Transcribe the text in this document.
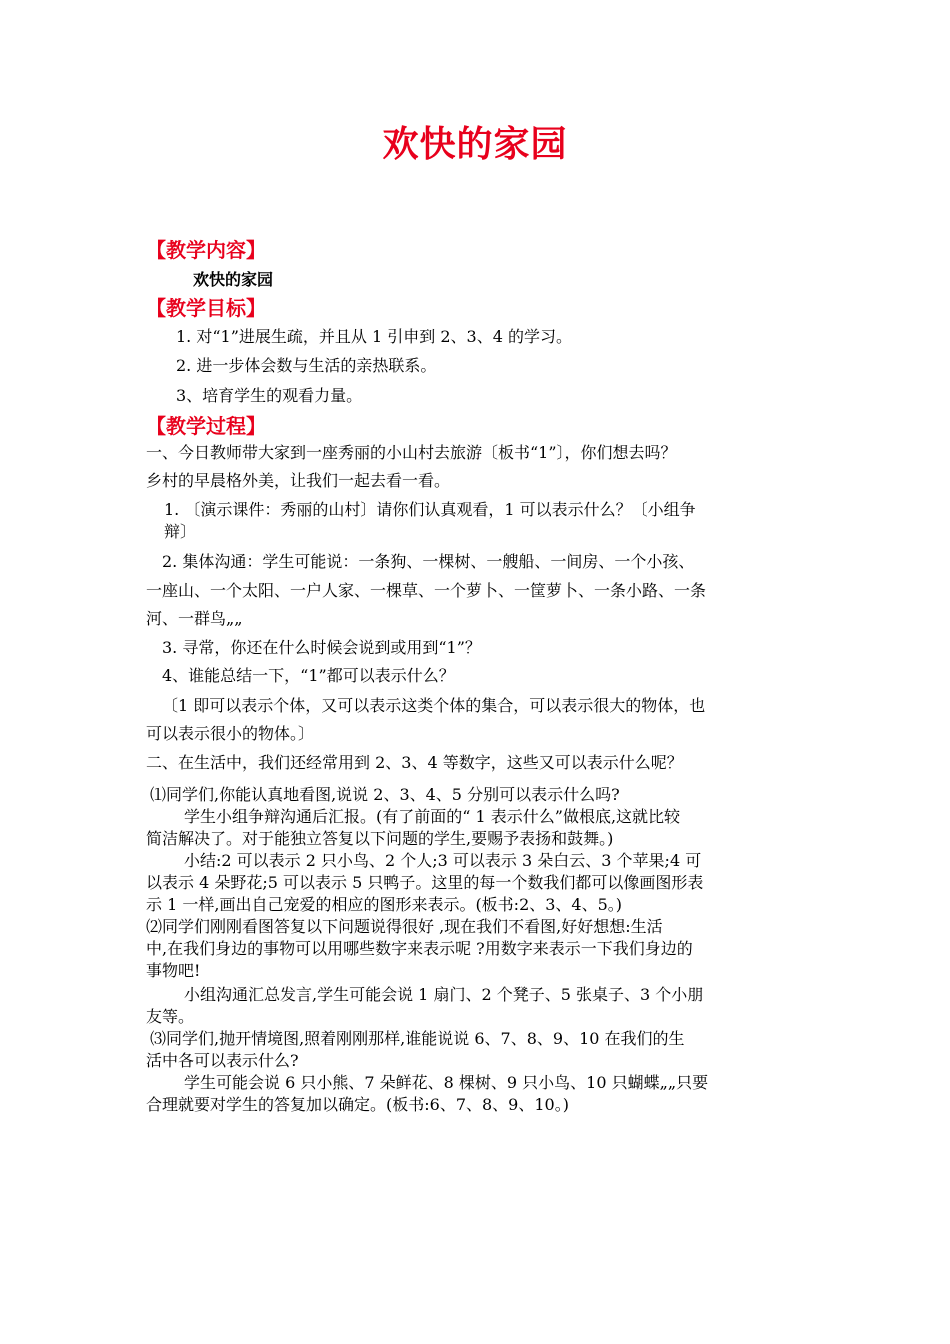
欢快的家园
【教学内容】
欢快的家园
【教学目标】
1. 对“1”进展生疏，并且从 1 引申到 2、3、4 的学习。
2. 进一步体会数与生活的亲热联系。
3、培育学生的观看力量。
【教学过程】
一、今日教师带大家到一座秀丽的小山村去旅游〔板书“1”〕，你们想去吗？
乡村的早晨格外美，让我们一起去看一看。
1. 〔演示课件：秀丽的山村〕请你们认真观看，1 可以表示什么？〔小组争
辩〕
2. 集体沟通：学生可能说：一条狗、一棵树、一艘船、一间房、一个小孩、
一座山、一个太阳、一户人家、一棵草、一个萝卜、一筐萝卜、一条小路、一条
河、一群鸟„„
3. 寻常，你还在什么时候会说到或用到“1”？
4、谁能总结一下，“1”都可以表示什么？
〔1 即可以表示个体，又可以表示这类个体的集合，可以表示很大的物体，也
可以表示很小的物体。〕
二、在生活中，我们还经常用到 2、3、4 等数字，这些又可以表示什么呢？
⑴同学们,你能认真地看图,说说 2、3、4、5 分别可以表示什么吗?
学生小组争辩沟通后汇报。(有了前面的“ 1 表示什么”做根底,这就比较
简洁解决了。对于能独立答复以下问题的学生,要赐予表扬和鼓舞。)
小结:2 可以表示 2 只小鸟、2 个人;3 可以表示 3 朵白云、3 个苹果;4 可
以表示 4 朵野花;5 可以表示 5 只鸭子。这里的每一个数我们都可以像画图形表
示 1 一样,画出自己宠爱的相应的图形来表示。(板书:2、3、4、5。)
⑵同学们刚刚看图答复以下问题说得很好 ,现在我们不看图,好好想想:生活
中,在我们身边的事物可以用哪些数字来表示呢 ?用数字来表示一下我们身边的
事物吧!
小组沟通汇总发言,学生可能会说 1 扇门、2 个凳子、5 张桌子、3 个小朋
友等。
⑶同学们,抛开情境图,照着刚刚那样,谁能说说 6、7、8、9、10 在我们的生
活中各可以表示什么?
学生可能会说 6 只小熊、7 朵鲜花、8 棵树、9 只小鸟、10 只蝴蝶„„只要
合理就要对学生的答复加以确定。(板书:6、7、8、9、10。)
